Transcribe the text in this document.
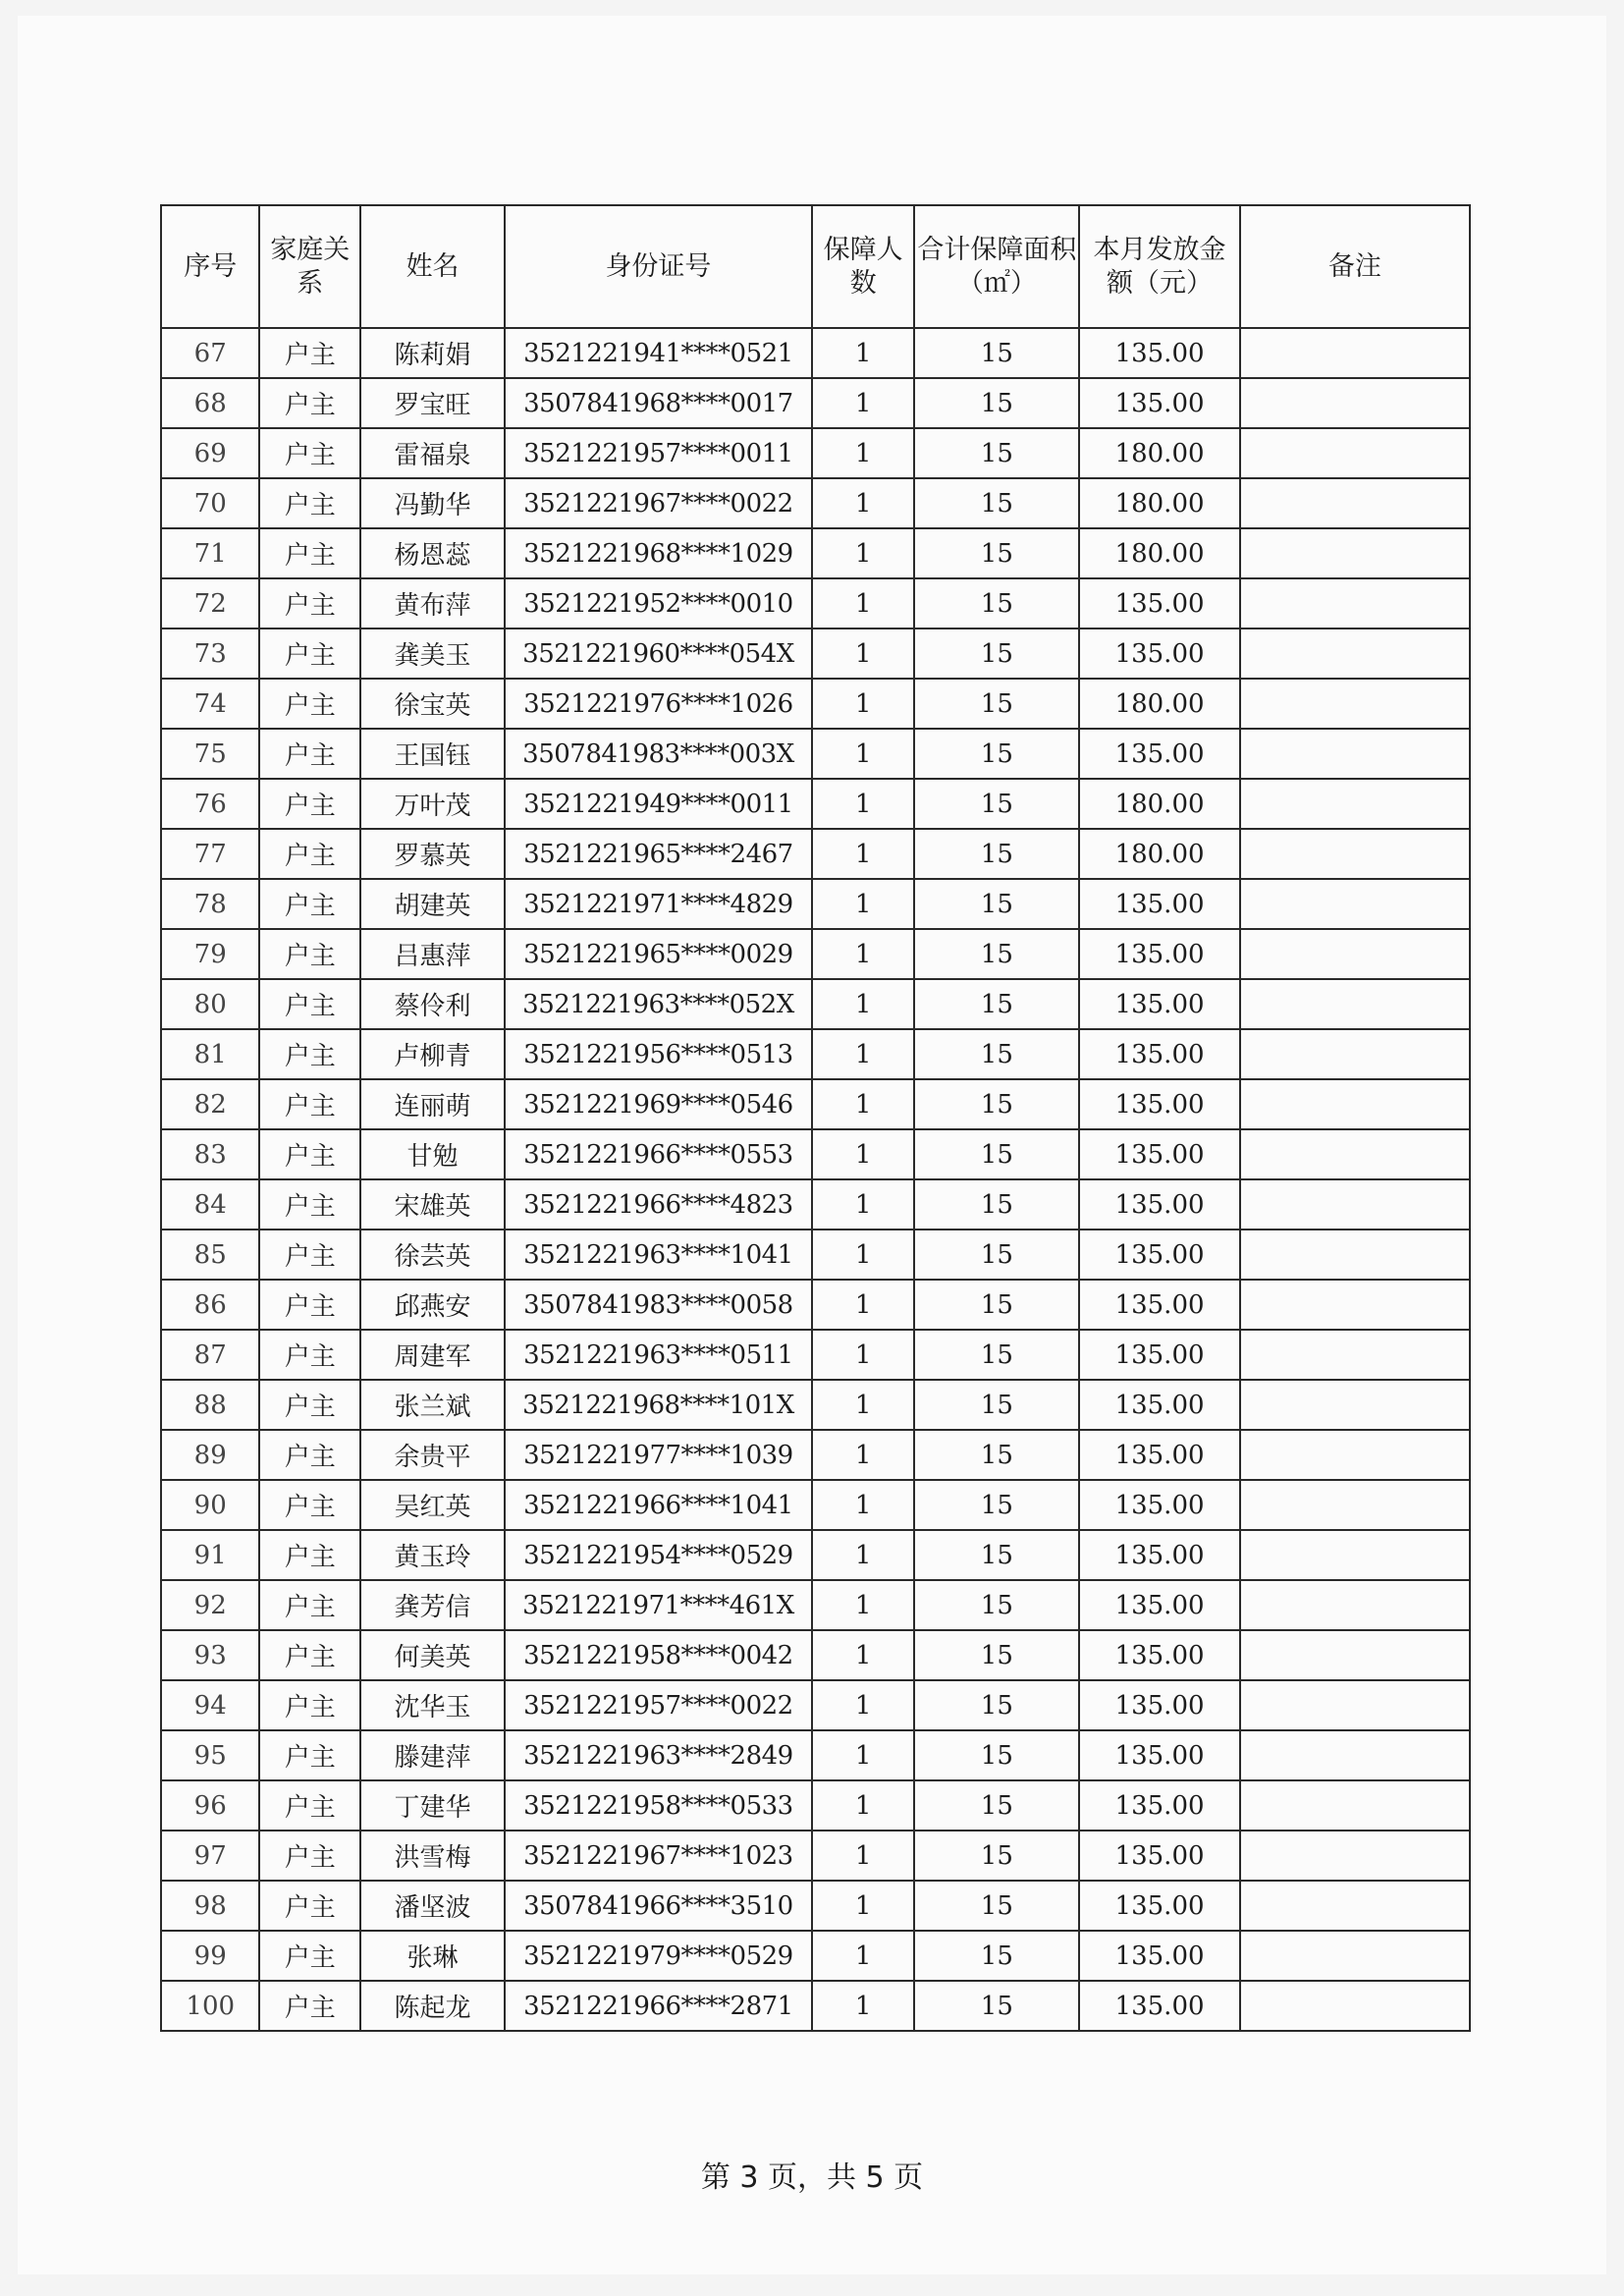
序号	家庭关系	姓名	身份证号	保障人数	合计保障面积（㎡）	本月发放金额（元）	备注
67	户主	陈莉娟	3521221941****0521	1	15	135.00	
68	户主	罗宝旺	3507841968****0017	1	15	135.00	
69	户主	雷福泉	3521221957****0011	1	15	180.00	
70	户主	冯勤华	3521221967****0022	1	15	180.00	
71	户主	杨恩蕊	3521221968****1029	1	15	180.00	
72	户主	黄布萍	3521221952****0010	1	15	135.00	
73	户主	龚美玉	3521221960****054X	1	15	135.00	
74	户主	徐宝英	3521221976****1026	1	15	180.00	
75	户主	王国钰	3507841983****003X	1	15	135.00	
76	户主	万叶茂	3521221949****0011	1	15	180.00	
77	户主	罗慕英	3521221965****2467	1	15	180.00	
78	户主	胡建英	3521221971****4829	1	15	135.00	
79	户主	吕惠萍	3521221965****0029	1	15	135.00	
80	户主	蔡伶利	3521221963****052X	1	15	135.00	
81	户主	卢柳青	3521221956****0513	1	15	135.00	
82	户主	连丽萌	3521221969****0546	1	15	135.00	
83	户主	甘勉	3521221966****0553	1	15	135.00	
84	户主	宋雄英	3521221966****4823	1	15	135.00	
85	户主	徐芸英	3521221963****1041	1	15	135.00	
86	户主	邱燕安	3507841983****0058	1	15	135.00	
87	户主	周建军	3521221963****0511	1	15	135.00	
88	户主	张兰斌	3521221968****101X	1	15	135.00	
89	户主	余贵平	3521221977****1039	1	15	135.00	
90	户主	吴红英	3521221966****1041	1	15	135.00	
91	户主	黄玉玲	3521221954****0529	1	15	135.00	
92	户主	龚芳信	3521221971****461X	1	15	135.00	
93	户主	何美英	3521221958****0042	1	15	135.00	
94	户主	沈华玉	3521221957****0022	1	15	135.00	
95	户主	滕建萍	3521221963****2849	1	15	135.00	
96	户主	丁建华	3521221958****0533	1	15	135.00	
97	户主	洪雪梅	3521221967****1023	1	15	135.00	
98	户主	潘坚波	3507841966****3510	1	15	135.00	
99	户主	张琳	3521221979****0529	1	15	135.00	
100	户主	陈起龙	3521221966****2871	1	15	135.00	
第 3 页，共 5 页
